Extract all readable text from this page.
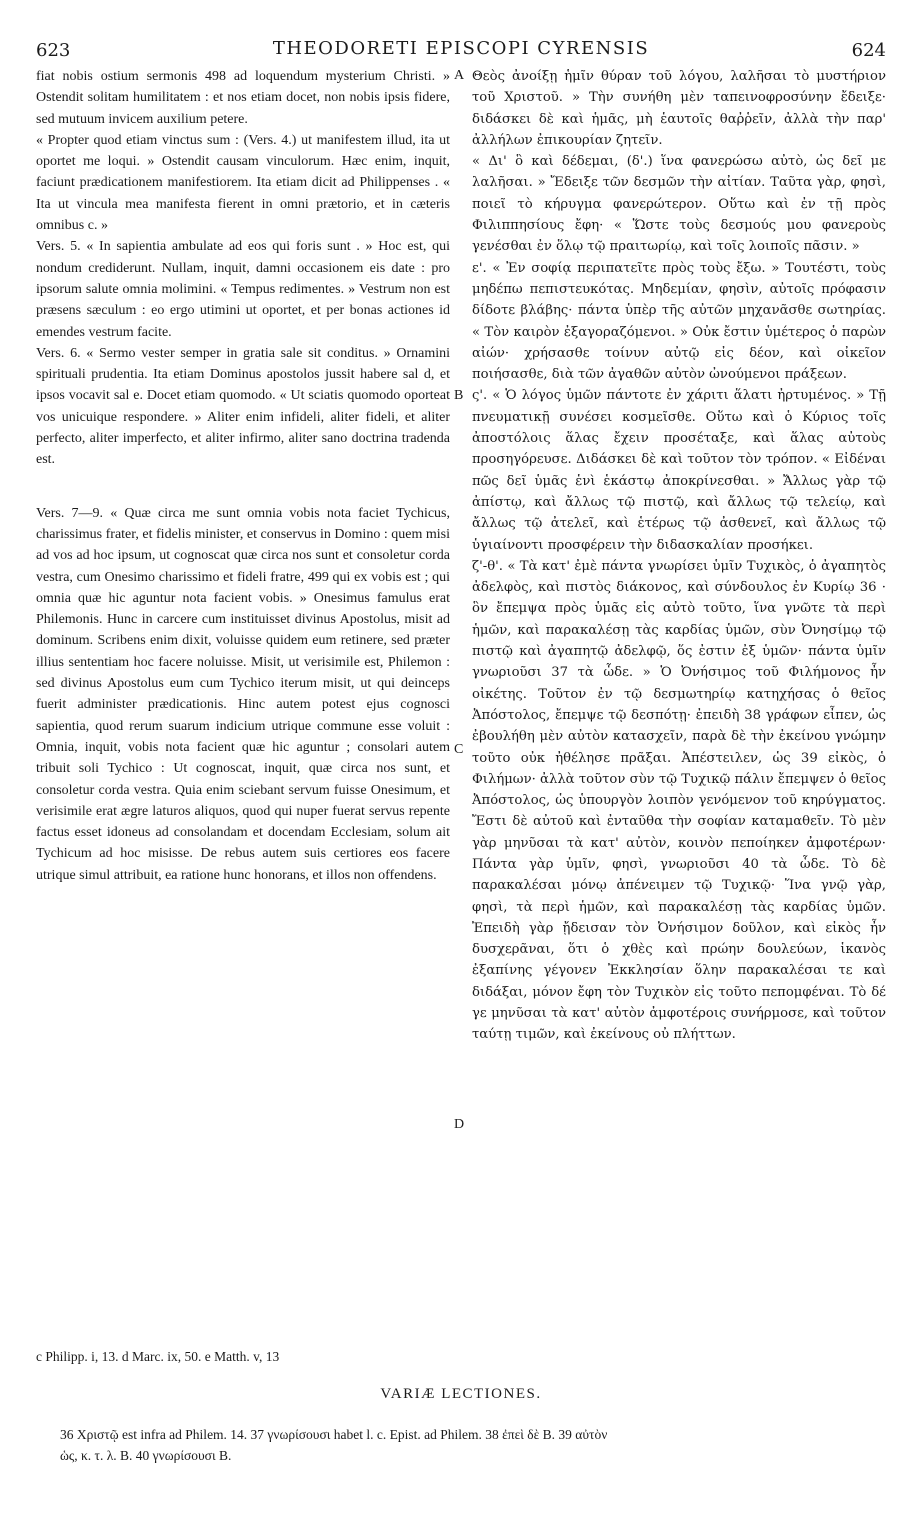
623	THEODORETI EPISCOPI CYRENSIS	624

fiat nobis ostium sermonis 498 ad loquendum mysterium Christi. » Ostendit solitam humilitatem : et nos etiam docet, non nobis ipsis fidere, sed mutuum invicem auxilium petere.

« Propter quod etiam vinctus sum : (Vers. 4.) ut manifestem illud, ita ut oportet me loqui. » Ostendit causam vinculorum. Hæc enim, inquit, faciunt prædicationem manifestiorem. Ita etiam dicit ad Philippenses . « Ita ut vincula mea manifesta fierent in omni prætorio, et in cæteris omnibus c. »

Vers. 5. « In sapientia ambulate ad eos qui foris sunt . » Hoc est, qui nondum crediderunt. Nullam, inquit, damni occasionem eis date : pro ipsorum salute omnia molimini. « Tempus redimentes. » Vestrum non est præsens sæculum : eo ergo utimini ut oportet, et per bonas actiones id emendes vestrum facite.

Vers. 6. « Sermo vester semper in gratia sale sit conditus. » Ornamini spirituali prudentia. Ita etiam Dominus apostolos jussit habere sal d, et ipsos vocavit sal e. Docet etiam quomodo. « Ut sciatis quomodo oporteat vos unicuique respondere. » Aliter enim infideli, aliter fideli, et aliter perfecto, aliter imperfecto, et aliter infirmo, aliter sano doctrina tradenda est.

Vers. 7—9. « Quæ circa me sunt omnia vobis nota faciet Tychicus, charissimus frater, et fidelis minister, et conservus in Domino : quem misi ad vos ad hoc ipsum, ut cognoscat quæ circa nos sunt et consoletur corda vestra, cum Onesimo charissimo et fideli fratre, 499 qui ex vobis est ; qui omnia quæ hic aguntur nota facient vobis. » Onesimus famulus erat Philemonis. Hunc in carcere cum instituisset divinus Apostolus, misit ad dominum. Scribens enim dixit, voluisse quidem eum retinere, sed præter illius sententiam hoc facere noluisse. Misit, ut verisimile est, Philemon : sed divinus Apostolus eum cum Tychico iterum misit, ut qui deinceps fuerit administer prædicationis. Hinc autem potest ejus cognosci sapientia, quod rerum suarum indicium utrique commune esse voluit : Omnia, inquit, vobis nota facient quæ hic aguntur ; consolari autem tribuit soli Tychico : Ut cognoscat, inquit, quæ circa nos sunt, et consoletur corda vestra. Quia enim sciebant servum fuisse Onesimum, et verisimile erat ægre laturos aliquos, quod qui nuper fuerat servus repente factus esset idoneus ad consolandam et docendam Ecclesiam, solum ait Tychicum ad hoc misisse. De rebus autem suis certiores eos facere utrique simul attribuit, ea ratione hunc honorans, et illos non offendens.

Θεὸς ἀνοίξῃ ἡμῖν θύραν τοῦ λόγου, λαλῆσαι τὸ μυστήριον τοῦ Χριστοῦ. » Τὴν συνήθη μὲν ταπεινοφροσύνην ἔδειξε· διδάσκει δὲ καὶ ἡμᾶς, μὴ ἑαυτοῖς θαῤῥεῖν, ἀλλὰ τὴν παρ' ἀλλήλων ἐπικουρίαν ζητεῖν.

« Δι' ὃ καὶ δέδεμαι, (δ'.) ἵνα φανερώσω αὐτὸ, ὡς δεῖ με λαλῆσαι. » Ἔδειξε τῶν δεσμῶν τὴν αἰτίαν. Ταῦτα γὰρ, φησὶ, ποιεῖ τὸ κήρυγμα φανερώτερον. Οὕτω καὶ ἐν τῇ πρὸς Φιλιππησίους ἔφη· « Ὥστε τοὺς δεσμούς μου φανεροὺς γενέσθαι ἐν ὅλῳ τῷ πραιτωρίῳ, καὶ τοῖς λοιποῖς πᾶσιν. »

ε'. « Ἐν σοφίᾳ περιπατεῖτε πρὸς τοὺς ἔξω. » Τουτέστι, τοὺς μηδέπω πεπιστευκότας. Μηδεμίαν, φησὶν, αὐτοῖς πρόφασιν δίδοτε βλάβης· πάντα ὑπὲρ τῆς αὐτῶν μηχανᾶσθε σωτηρίας. « Τὸν καιρὸν ἐξαγοραζόμενοι. » Οὐκ ἔστιν ὑμέτερος ὁ παρὼν αἰών· χρήσασθε τοίνυν αὐτῷ εἰς δέον, καὶ οἰκεῖον ποιήσασθε, διὰ τῶν ἀγαθῶν αὐτὸν ὠνούμενοι πράξεων.

ς'. « Ὁ λόγος ὑμῶν πάντοτε ἐν χάριτι ἅλατι ἠρτυμένος. » Τῇ πνευματικῇ συνέσει κοσμεῖσθε. Οὕτω καὶ ὁ Κύριος τοῖς ἀποστόλοις ἅλας ἔχειν προσέταξε, καὶ ἅλας αὐτοὺς προσηγόρευσε. Διδάσκει δὲ καὶ τοῦτον τὸν τρόπον. « Εἰδέναι πῶς δεῖ ὑμᾶς ἑνὶ ἑκάστῳ ἀποκρίνεσθαι. » Ἄλλως γὰρ τῷ ἀπίστῳ, καὶ ἄλλως τῷ πιστῷ, καὶ ἄλλως τῷ τελείῳ, καὶ ἄλλως τῷ ἀτελεῖ, καὶ ἑτέρως τῷ ἀσθενεῖ, καὶ ἄλλως τῷ ὑγιαίνοντι προσφέρειν τὴν διδασκαλίαν προσήκει.

ζ'-θ'. « Τὰ κατ' ἐμὲ πάντα γνωρίσει ὑμῖν Τυχικὸς, ὁ ἀγαπητὸς ἀδελφὸς, καὶ πιστὸς διάκονος, καὶ σύνδουλος ἐν Κυρίῳ 36 · ὃν ἔπεμψα πρὸς ὑμᾶς εἰς αὐτὸ τοῦτο, ἵνα γνῶτε τὰ περὶ ἡμῶν, καὶ παρακαλέσῃ τὰς καρδίας ὑμῶν, σὺν Ὀνησίμῳ τῷ πιστῷ καὶ ἀγαπητῷ ἀδελφῷ, ὅς ἐστιν ἐξ ὑμῶν· πάντα ὑμῖν γνωριοῦσι 37 τὰ ὧδε. » Ὁ Ὀνήσιμος τοῦ Φιλήμονος ἦν οἰκέτης. Τοῦτον ἐν τῷ δεσμωτηρίῳ κατηχήσας ὁ θεῖος Ἀπόστολος, ἔπεμψε τῷ δεσπότῃ· ἐπειδὴ 38 γράφων εἶπεν, ὡς ἐβουλήθη μὲν αὐτὸν κατασχεῖν, παρὰ δὲ τὴν ἐκείνου γνώμην τοῦτο οὐκ ἠθέλησε πρᾶξαι. Ἀπέστειλεν, ὡς 39 εἰκὸς, ὁ Φιλήμων· ἀλλὰ τοῦτον σὺν τῷ Τυχικῷ πάλιν ἔπεμψεν ὁ θεῖος Ἀπόστολος, ὡς ὑπουργὸν λοιπὸν γενόμενον τοῦ κηρύγματος. Ἔστι δὲ αὐτοῦ καὶ ἐνταῦθα τὴν σοφίαν καταμαθεῖν. Τὸ μὲν γὰρ μηνῦσαι τὰ κατ' αὐτὸν, κοινὸν πεποίηκεν ἀμφοτέρων· Πάντα γὰρ ὑμῖν, φησὶ, γνωριοῦσι 40 τὰ ὧδε. Τὸ δὲ παρακαλέσαι μόνῳ ἀπένειμεν τῷ Τυχικῷ· Ἵνα γνῷ γὰρ, φησὶ, τὰ περὶ ἡμῶν, καὶ παρακαλέσῃ τὰς καρδίας ὑμῶν. Ἐπειδὴ γὰρ ᾔδεισαν τὸν Ὀνήσιμον δοῦλον, καὶ εἰκὸς ἦν δυσχερᾶναι, ὅτι ὁ χθὲς καὶ πρώην δουλεύων, ἱκανὸς ἐξαπίνης γέγονεν Ἐκκλησίαν ὅλην παρακαλέσαι τε καὶ διδάξαι, μόνον ἔφη τὸν Τυχικὸν εἰς τοῦτο πεπομφέναι. Τὸ δέ γε μηνῦσαι τὰ κατ' αὐτὸν ἀμφοτέροις συνήρμοσε, καὶ τοῦτον ταύτῃ τιμῶν, καὶ ἐκείνους οὐ πλήττων.

A
B
C
D
c Philipp. i, 13. d Marc. ix, 50. e Matth. v, 13
VARIÆ LECTIONES.

36 Χριστῷ est infra ad Philem. 14. 37 γνωρίσουσι habet l. c. Epist. ad Philem. 38 ἐπεὶ δὲ B. 39 αὐτὸν

ὡς, κ. τ. λ. B. 40 γνωρίσουσι B.
